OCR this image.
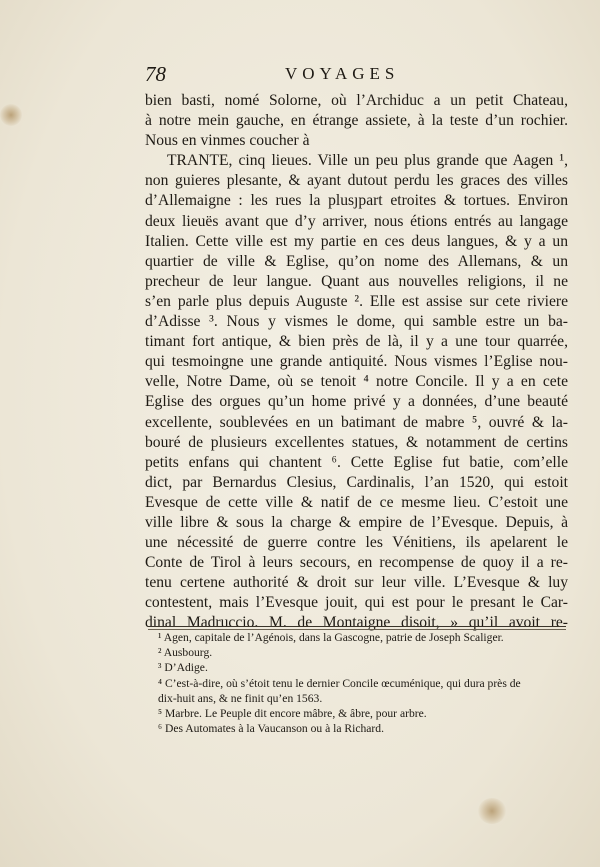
78	VOYAGES
bien basti, nomé Solorne, où l’Archiduc a un petit Chateau,
à notre mein gauche, en étrange assiete, à la teste d’un rochier.
Nous en vinmes coucher à
TRANTE, cinq lieues. Ville un peu plus grande que Aagen ¹,
non guieres plesante, & ayant dutout perdu les graces des villes
d’Allemaigne : les rues la plusȷpart etroites & tortues. Environ
deux lieuës avant que d’y arriver, nous étions entrés au langage
Italien. Cette ville est my partie en ces deus langues, & y a un
quartier de ville & Eglise, qu’on nome des Allemans, & un
precheur de leur langue. Quant aus nouvelles religions, il ne
s’en parle plus depuis Auguste ². Elle est assise sur cete riviere
d’Adisse ³. Nous y vismes le dome, qui samble estre un ba-
timant fort antique, & bien près de là, il y a une tour quarrée,
qui tesmoingne une grande antiquité. Nous vismes l’Eglise nou-
velle, Notre Dame, où se tenoit ⁴ notre Concile. Il y a en cete
Eglise des orgues qu’un home privé y a données, d’une beauté
excellente, soublevées en un batimant de mabre ⁵, ouvré & la-
bouré de plusieurs excellentes statues, & notamment de certins
petits enfans qui chantent ⁶. Cette Eglise fut batie, com’elle
dict, par Bernardus Clesius, Cardinalis, l’an 1520, qui estoit
Evesque de cette ville & natif de ce mesme lieu. C’estoit une
ville libre & sous la charge & empire de l’Evesque. Depuis, à
une nécessité de guerre contre les Vénitiens, ils apelarent le
Conte de Tirol à leurs secours, en recompense de quoy il a re-
tenu certene authorité & droit sur leur ville. L’Evesque & luy
contestent, mais l’Evesque jouit, qui est pour le presant le Car-
dinal Madruccio. M. de Montaigne disoit, » qu’il avoit re-
¹ Agen, capitale de l’Agénois, dans la Gascogne, patrie de Joseph Scaliger.
² Ausbourg.
³ D’Adige.
⁴ C’est-à-dire, où s’étoit tenu le dernier Concile œcuménique, qui dura près de
dix-huit ans, & ne finit qu’en 1563.
⁵ Marbre. Le Peuple dit encore mâbre, & âbre, pour arbre.
⁶ Des Automates à la Vaucanson ou à la Richard.
